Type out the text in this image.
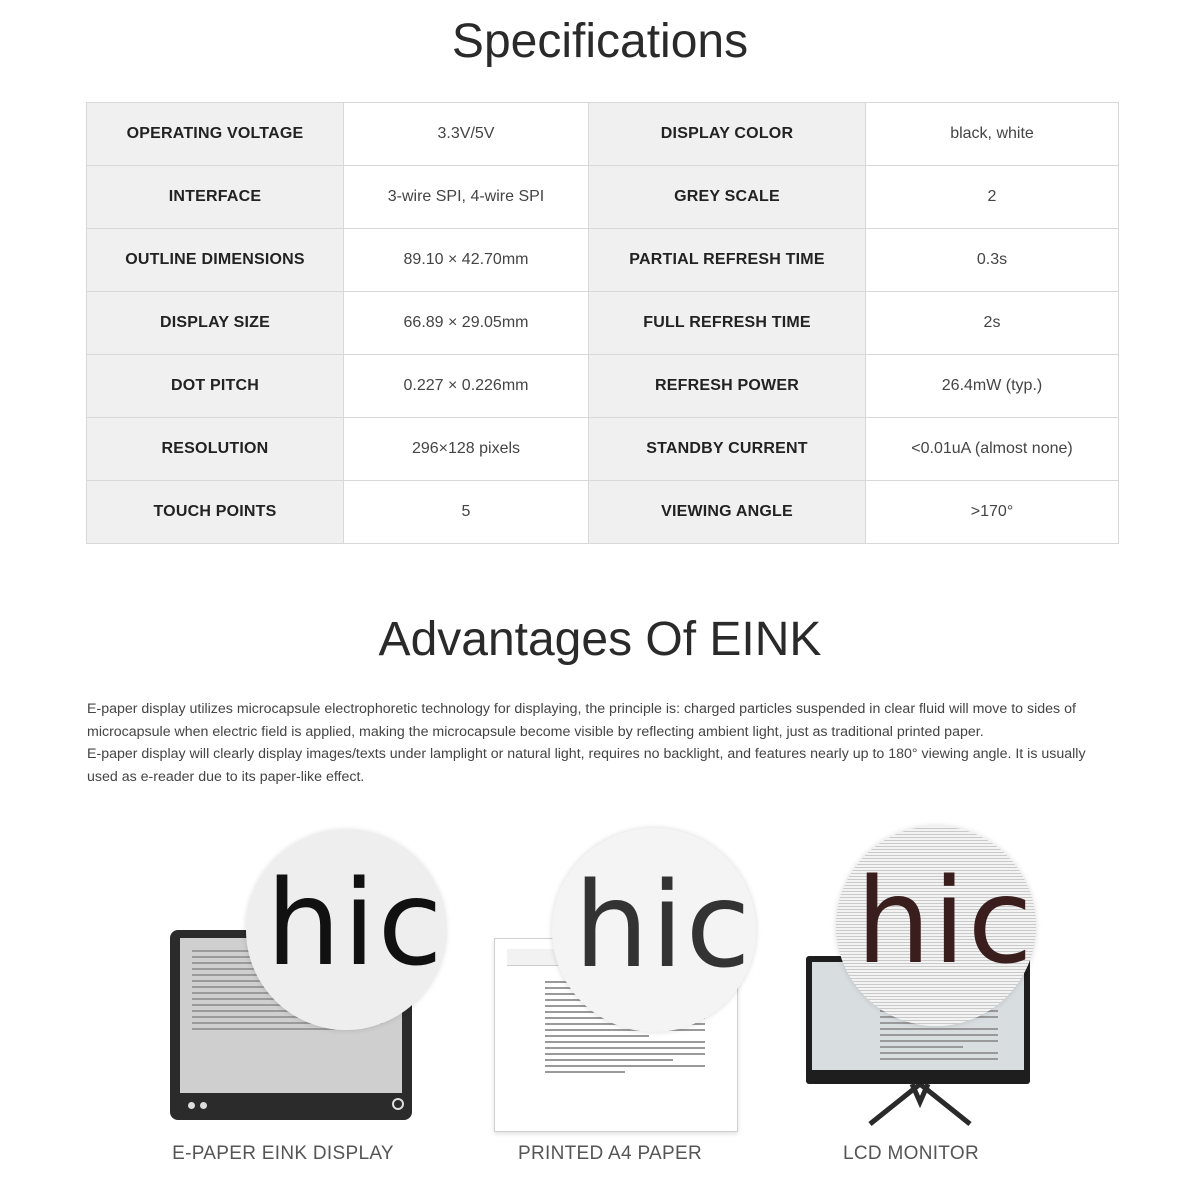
Specifications
OPERATING VOLTAGE	3.3V/5V	DISPLAY COLOR	black, white
INTERFACE	3-wire SPI, 4-wire SPI	GREY SCALE	2
OUTLINE DIMENSIONS	89.10 × 42.70mm	PARTIAL REFRESH TIME	0.3s
DISPLAY SIZE	66.89 × 29.05mm	FULL REFRESH TIME	2s
DOT PITCH	0.227 × 0.226mm	REFRESH POWER	26.4mW (typ.)
RESOLUTION	296×128 pixels	STANDBY CURRENT	<0.01uA (almost none)
TOUCH POINTS	5	VIEWING ANGLE	>170°
Advantages Of EINK

E-paper display utilizes microcapsule electrophoretic technology for displaying, the principle is: charged particles suspended in clear fluid will move to sides of microcapsule when electric field is applied, making the microcapsule become visible by reflecting ambient light, just as traditional printed paper.

E-paper display will clearly display images/texts under lamplight or natural light, requires no backlight, and features nearly up to 180° viewing angle. It is usually used as e-reader due to its paper-like effect.

hic
E-PAPER EINK DISPLAY
hic
PRINTED A4 PAPER
hic
LCD MONITOR
